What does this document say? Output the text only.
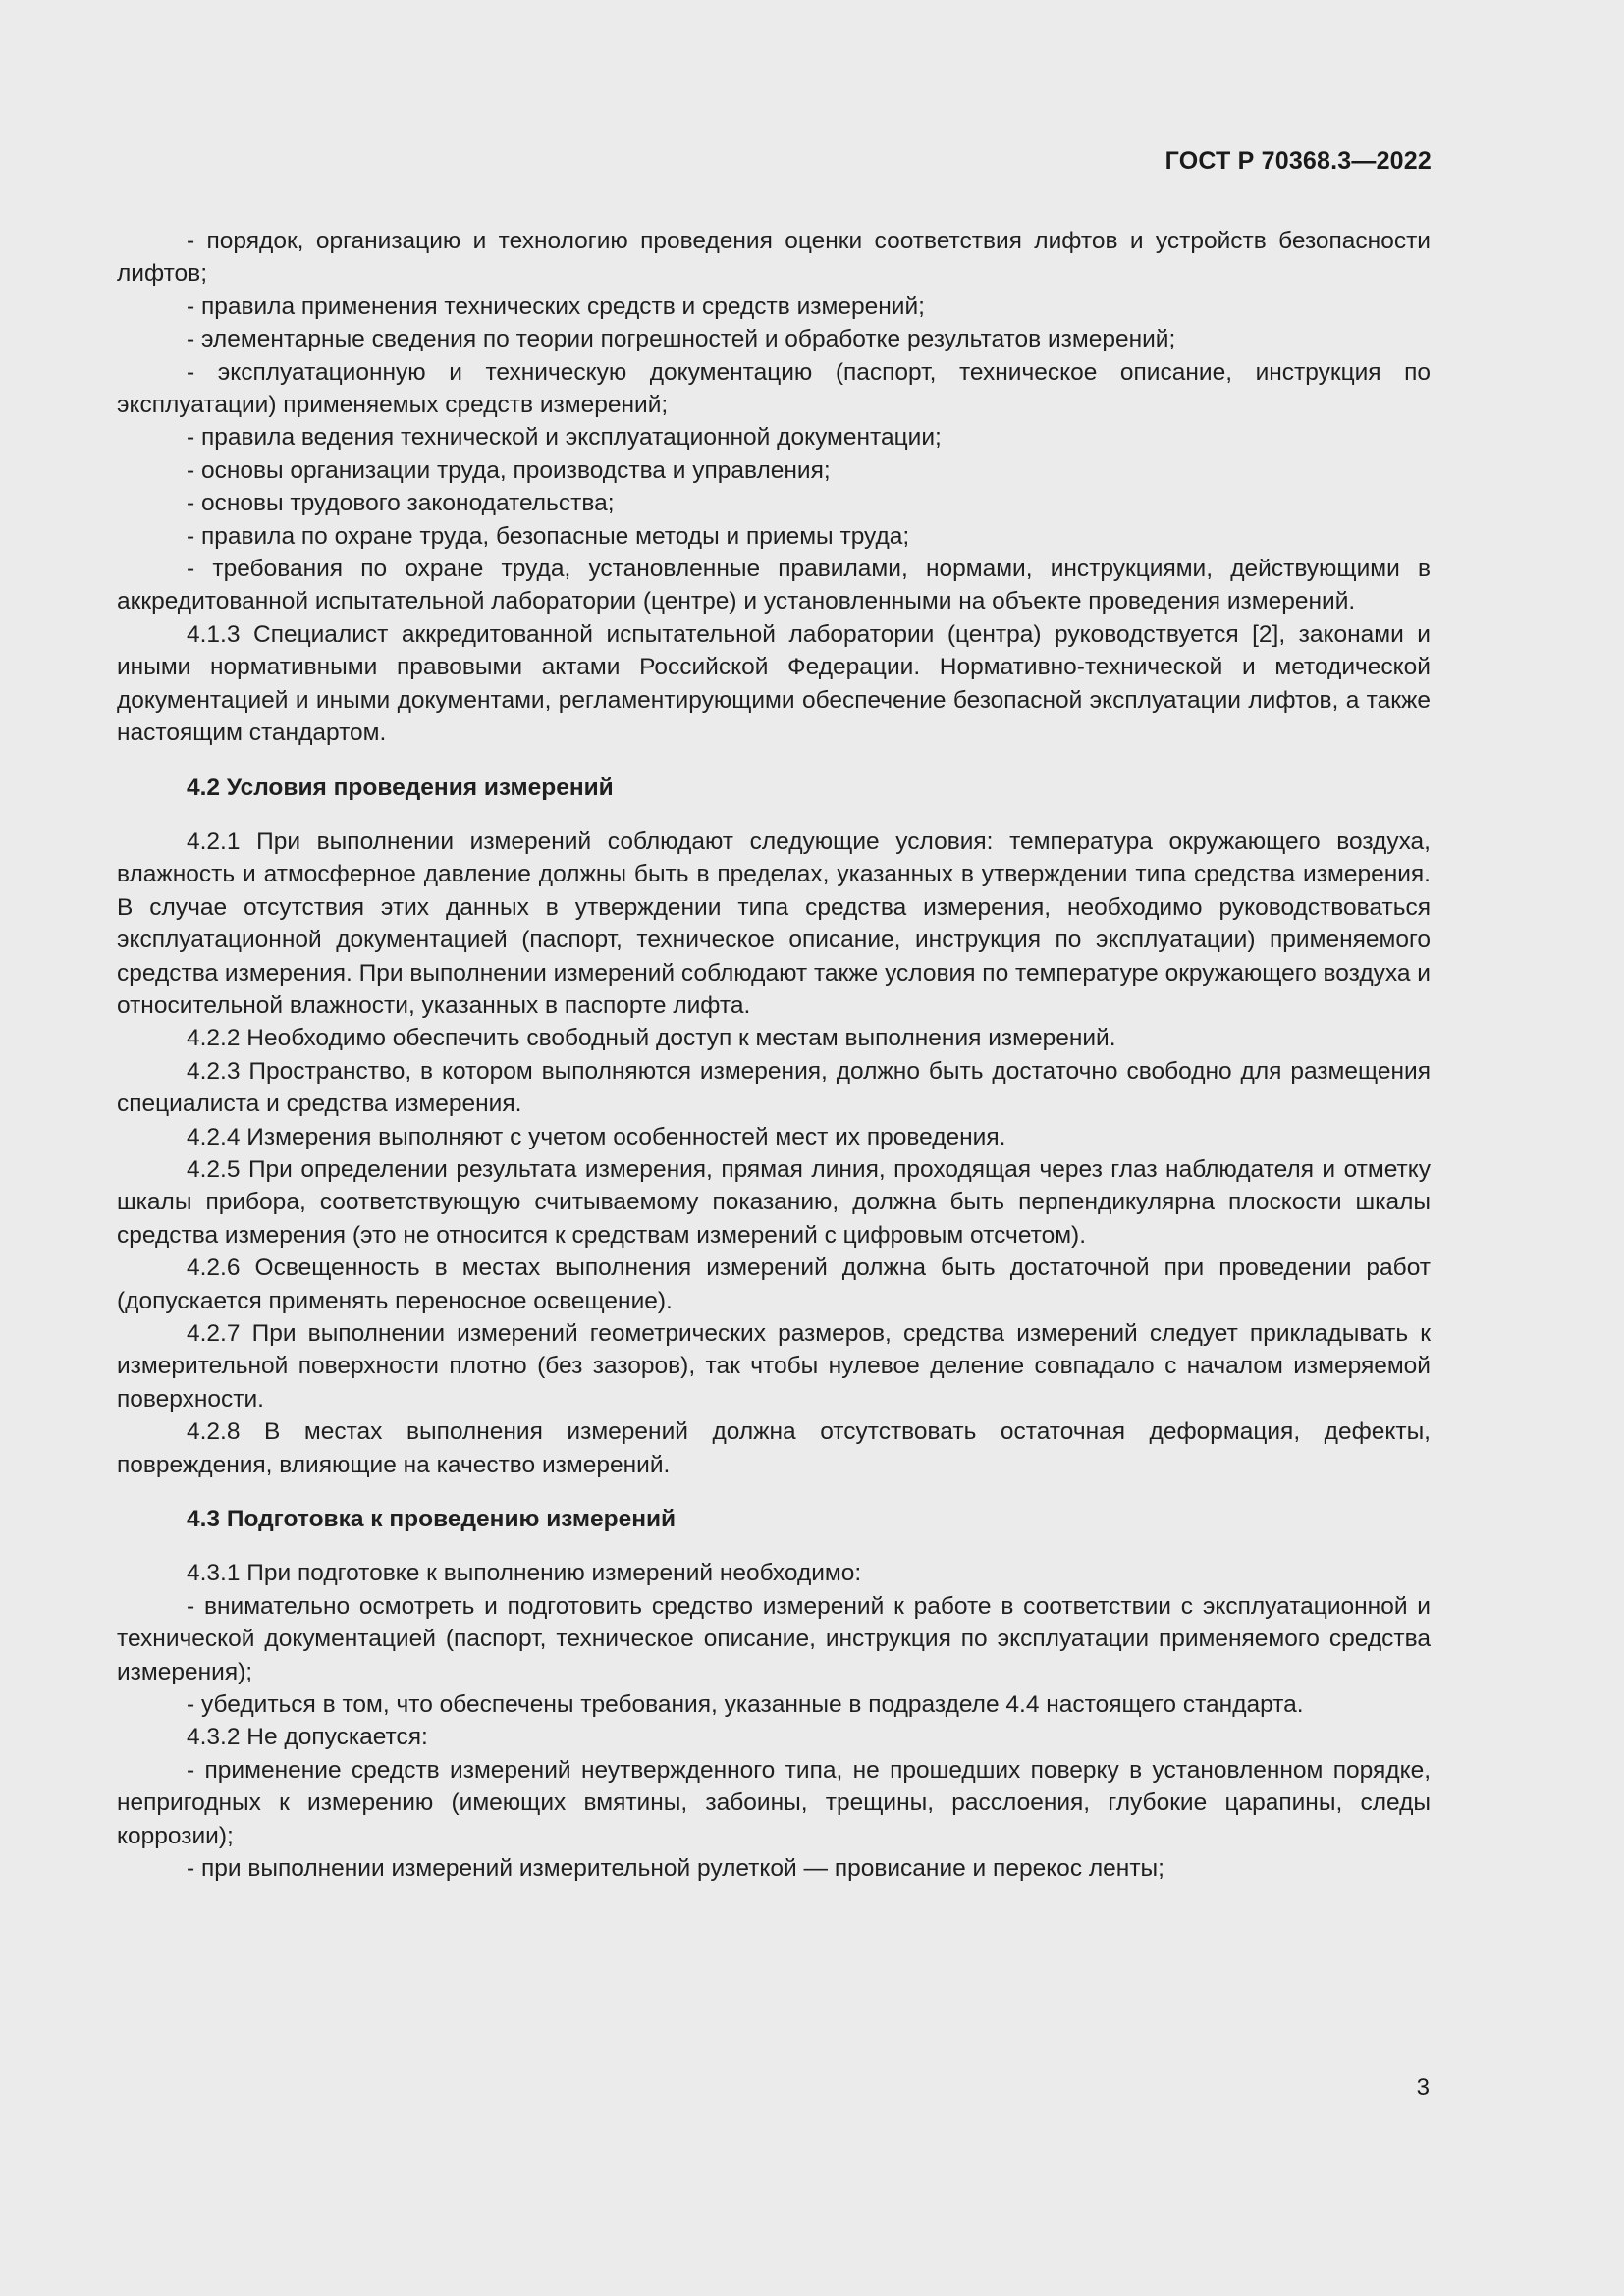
ГОСТ Р 70368.3—2022
- порядок, организацию и технологию проведения оценки соответствия лифтов и устройств безопасности лифтов;
- правила применения технических средств и средств измерений;
- элементарные сведения по теории погрешностей и обработке результатов измерений;
- эксплуатационную и техническую документацию (паспорт, техническое описание, инструкция по эксплуатации) применяемых средств измерений;
- правила ведения технической и эксплуатационной документации;
- основы организации труда, производства и управления;
- основы трудового законодательства;
- правила по охране труда, безопасные методы и приемы труда;
- требования по охране труда, установленные правилами, нормами, инструкциями, действующими в аккредитованной испытательной лаборатории (центре) и установленными на объекте проведения измерений.
4.1.3 Специалист аккредитованной испытательной лаборатории (центра) руководствуется [2], законами и иными нормативными правовыми актами Российской Федерации. Нормативно-технической и методической документацией и иными документами, регламентирующими обеспечение безопасной эксплуатации лифтов, а также настоящим стандартом.
4.2 Условия проведения измерений
4.2.1 При выполнении измерений соблюдают следующие условия: температура окружающего воздуха, влажность и атмосферное давление должны быть в пределах, указанных в утверждении типа средства измерения. В случае отсутствия этих данных в утверждении типа средства измерения, необходимо руководствоваться эксплуатационной документацией (паспорт, техническое описание, инструкция по эксплуатации) применяемого средства измерения. При выполнении измерений соблюдают также условия по температуре окружающего воздуха и относительной влажности, указанных в паспорте лифта.
4.2.2 Необходимо обеспечить свободный доступ к местам выполнения измерений.
4.2.3 Пространство, в котором выполняются измерения, должно быть достаточно свободно для размещения специалиста и средства измерения.
4.2.4 Измерения выполняют с учетом особенностей мест их проведения.
4.2.5 При определении результата измерения, прямая линия, проходящая через глаз наблюдателя и отметку шкалы прибора, соответствующую считываемому показанию, должна быть перпендикулярна плоскости шкалы средства измерения (это не относится к средствам измерений с цифровым отсчетом).
4.2.6 Освещенность в местах выполнения измерений должна быть достаточной при проведении работ (допускается применять переносное освещение).
4.2.7 При выполнении измерений геометрических размеров, средства измерений следует прикладывать к измерительной поверхности плотно (без зазоров), так чтобы нулевое деление совпадало с началом измеряемой поверхности.
4.2.8 В местах выполнения измерений должна отсутствовать остаточная деформация, дефекты, повреждения, влияющие на качество измерений.
4.3 Подготовка к проведению измерений
4.3.1 При подготовке к выполнению измерений необходимо:
- внимательно осмотреть и подготовить средство измерений к работе в соответствии с эксплуатационной и технической документацией (паспорт, техническое описание, инструкция по эксплуатации применяемого средства измерения);
- убедиться в том, что обеспечены требования, указанные в подразделе 4.4 настоящего стандарта.
4.3.2 Не допускается:
- применение средств измерений неутвержденного типа, не прошедших поверку в установленном порядке, непригодных к измерению (имеющих вмятины, забоины, трещины, расслоения, глубокие царапины, следы коррозии);
- при выполнении измерений измерительной рулеткой — провисание и перекос ленты;
3
